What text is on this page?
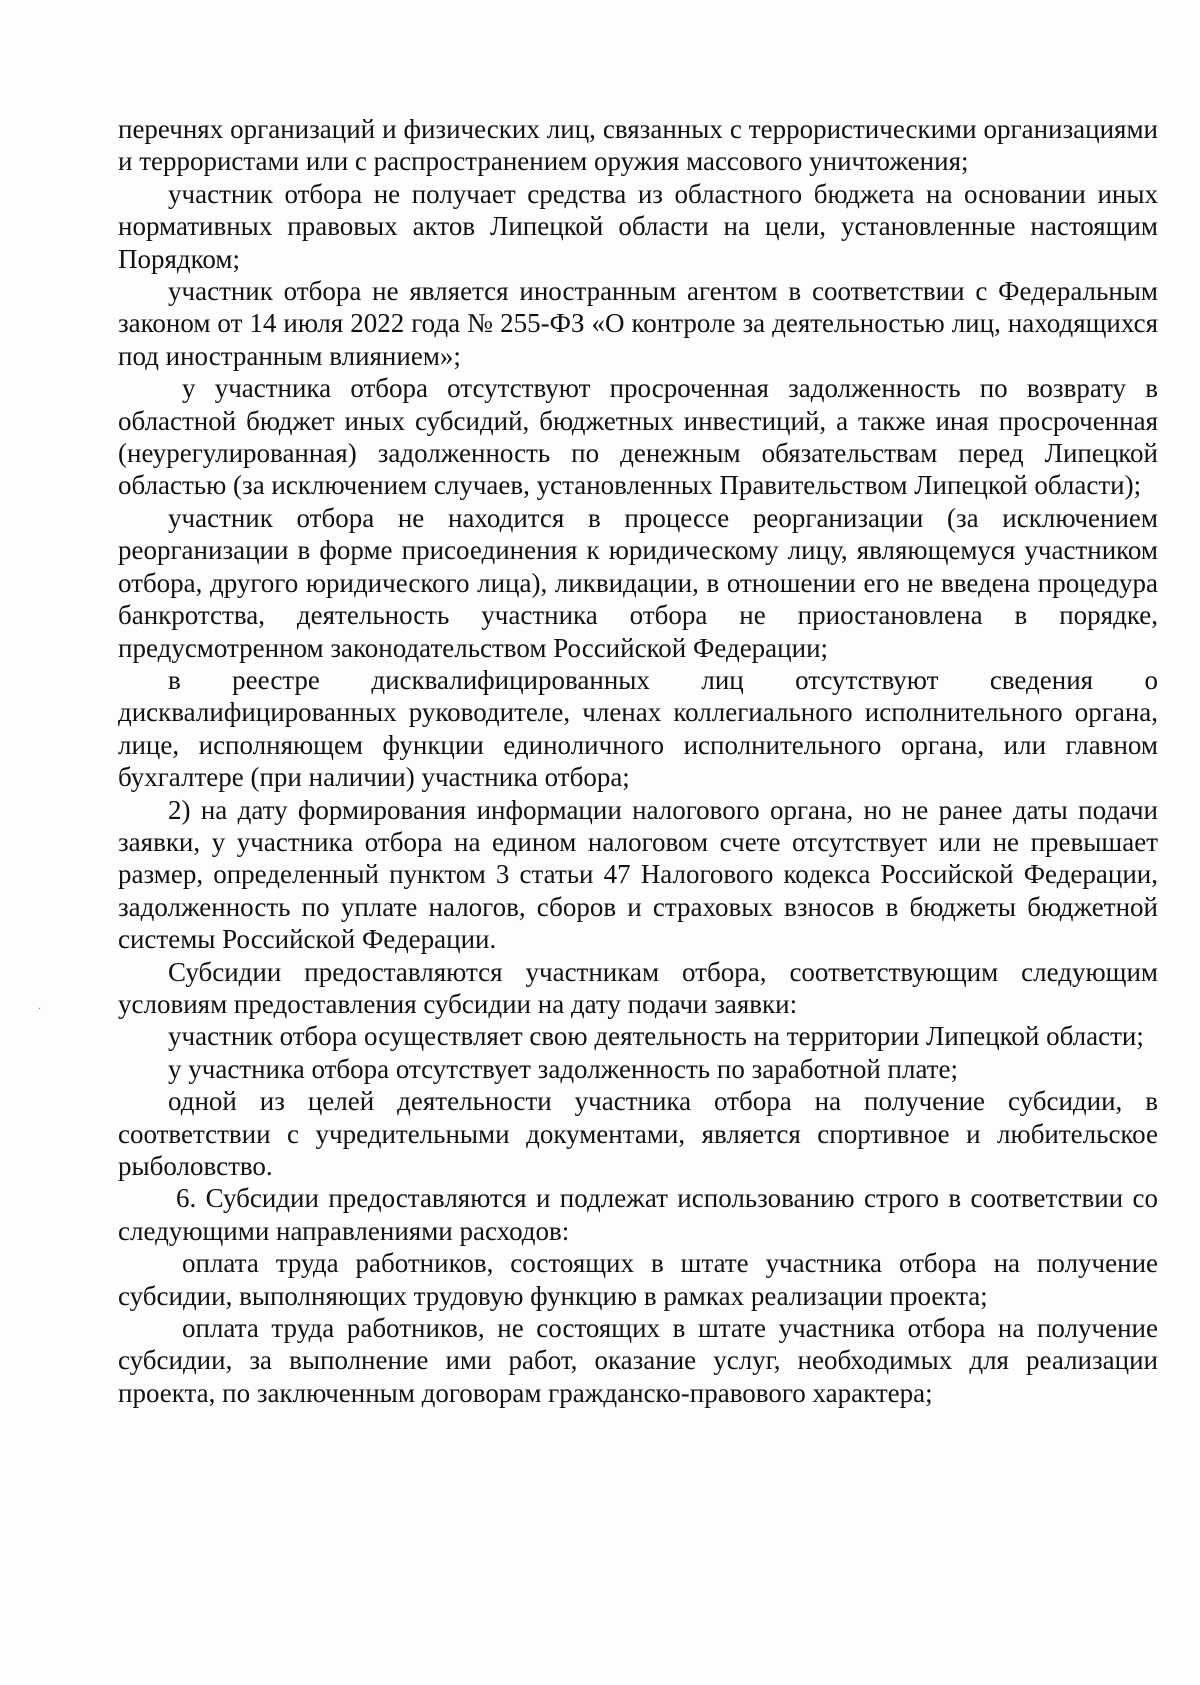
перечнях организаций и физических лиц, связанных с террористическими организациями и террористами или с распространением оружия массового уничтожения;

участник отбора не получает средства из областного бюджета на основании иных нормативных правовых актов Липецкой области на цели, установленные настоящим Порядком;

участник отбора не является иностранным агентом в соответствии с Федеральным законом от 14 июля 2022 года № 255-ФЗ «О контроле за деятельностью лиц, находящихся под иностранным влиянием»;

у участника отбора отсутствуют просроченная задолженность по возврату в областной бюджет иных субсидий, бюджетных инвестиций, а также иная просроченная (неурегулированная) задолженность по денежным обязательствам перед Липецкой областью (за исключением случаев, установленных Правительством Липецкой области);

участник отбора не находится в процессе реорганизации (за исключением реорганизации в форме присоединения к юридическому лицу, являющемуся участником отбора, другого юридического лица), ликвидации, в отношении его не введена процедура банкротства, деятельность участника отбора не приостановлена в порядке, предусмотренном законодательством Российской Федерации;

в реестре дисквалифицированных лиц отсутствуют сведения о дисквалифицированных руководителе, членах коллегиального исполнительного органа, лице, исполняющем функции единоличного исполнительного органа, или главном бухгалтере (при наличии) участника отбора;

2) на дату формирования информации налогового органа, но не ранее даты подачи заявки, у участника отбора на едином налоговом счете отсутствует или не превышает размер, определенный пунктом 3 статьи 47 Налогового кодекса Российской Федерации, задолженность по уплате налогов, сборов и страховых взносов в бюджеты бюджетной системы Российской Федерации.

Субсидии предоставляются участникам отбора, соответствующим следующим условиям предоставления субсидии на дату подачи заявки:

участник отбора осуществляет свою деятельность на территории Липецкой области;

у участника отбора отсутствует задолженность по заработной плате;

одной из целей деятельности участника отбора на получение субсидии, в соответствии с учредительными документами, является спортивное и любительское рыболовство.

6. Субсидии предоставляются и подлежат использованию строго в соответствии со следующими направлениями расходов:

оплата труда работников, состоящих в штате участника отбора на получение субсидии, выполняющих трудовую функцию в рамках реализации проекта;

оплата труда работников, не состоящих в штате участника отбора на получение субсидии, за выполнение ими работ, оказание услуг, необходимых для реализации проекта, по заключенным договорам гражданско-правового характера;

·
